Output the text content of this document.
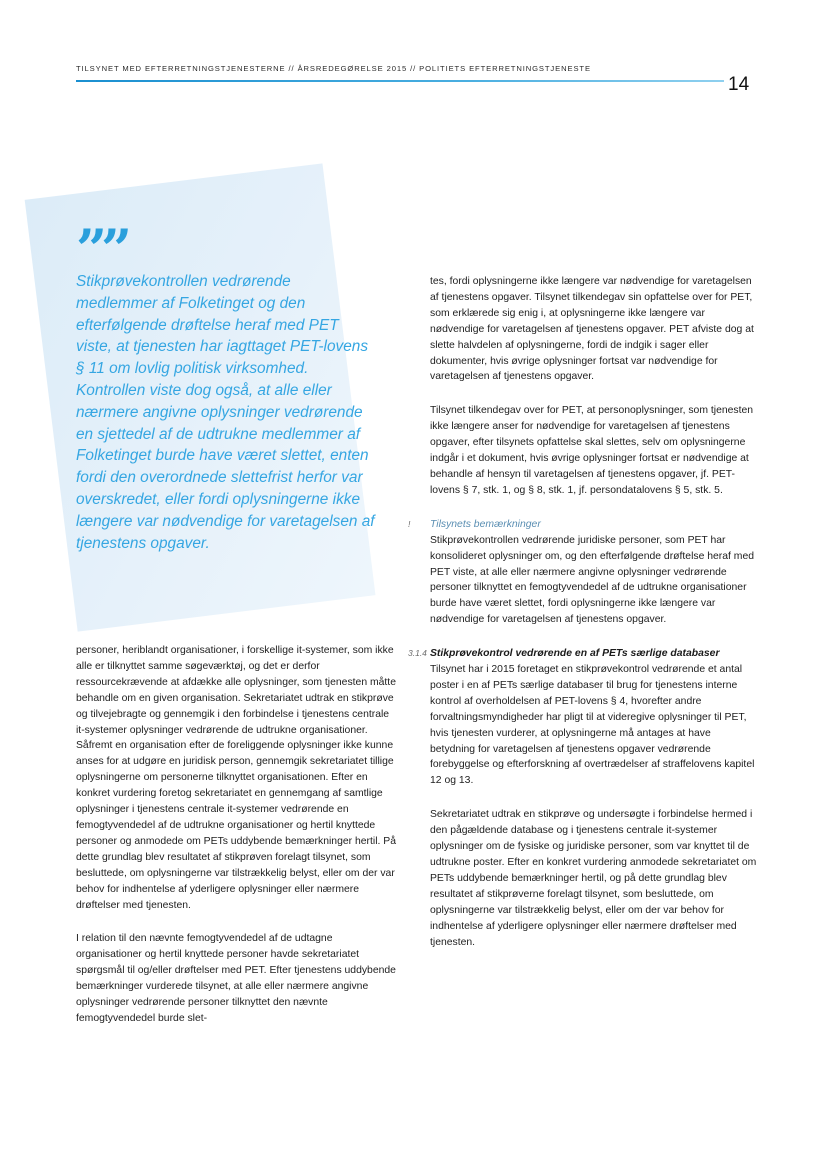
TILSYNET MED EFTERRETNINGSTJENESTERNE // ÅRSREDEGØRELSE 2015 // POLITIETS EFTERRETNINGSTJENESTE
14
””
Stikprøvekontrollen vedrørende medlemmer af Folketinget og den efterfølgende drøftelse heraf med PET viste, at tjenesten har iagttaget PET-lovens § 11 om lovlig politisk virksomhed. Kontrollen viste dog også, at alle eller nærmere angivne oplysninger vedrørende en sjettedel af de udtrukne medlemmer af Folketinget burde have været slettet, enten fordi den overordnede slettefrist herfor var overskredet, eller fordi oplysningerne ikke længere var nødvendige for varetagelsen af tjenestens opgaver.

personer, heriblandt organisationer, i forskellige it-systemer, som ikke alle er tilknyttet samme søgeværktøj, og det er derfor ressourcekrævende at afdække alle oplysninger, som tjenesten måtte behandle om en given organisation. Sekretariatet udtrak en stikprøve og tilvejebragte og gennemgik i den forbindelse i tjenestens centrale it-systemer oplysninger vedrørende de udtrukne organisationer. Såfremt en organisation efter de foreliggende oplysninger ikke kunne anses for at udgøre en juridisk person, gennemgik sekretariatet tillige oplysningerne om personerne tilknyttet organisationen. Efter en konkret vurdering foretog sekretariatet en gennemgang af samtlige oplysninger i tjenestens centrale it-systemer vedrørende en femogtyvendedel af de udtrukne organisationer og hertil knyttede personer og anmodede om PETs uddybende bemærkninger hertil. På dette grundlag blev resultatet af stikprøven forelagt tilsynet, som besluttede, om oplysningerne var tilstrækkelig belyst, eller om der var behov for indhentelse af yderligere oplysninger eller nærmere drøftelser med tjenesten.

I relation til den nævnte femogtyvendedel af de udtagne organisationer og hertil knyttede personer havde sekretariatet spørgsmål til og/eller drøftelser med PET. Efter tjenestens uddybende bemærkninger vurderede tilsynet, at alle eller nærmere angivne oplysninger vedrørende personer tilknyttet den nævnte femogtyvendedel burde slet-

tes, fordi oplysningerne ikke længere var nødvendige for varetagelsen af tjenestens opgaver. Tilsynet tilkendegav sin opfattelse over for PET, som erklærede sig enig i, at oplysningerne ikke længere var nødvendige for varetagelsen af tjenestens opgaver. PET afviste dog at slette halvdelen af oplysningerne, fordi de indgik i sager eller dokumenter, hvis øvrige oplysninger fortsat var nødvendige for varetagelsen af tjenestens opgaver.

Tilsynet tilkendegav over for PET, at personoplysninger, som tjenesten ikke længere anser for nødvendige for varetagelsen af tjenestens opgaver, efter tilsynets opfattelse skal slettes, selv om oplysningerne indgår i et dokument, hvis øvrige oplysninger fortsat er nødvendige at behandle af hensyn til varetagelsen af tjenestens opgaver, jf. PET-lovens § 7, stk. 1, og § 8, stk. 1, jf. persondatalovens § 5, stk. 5.

! Tilsynets bemærkninger

Stikprøvekontrollen vedrørende juridiske personer, som PET har konsolideret oplysninger om, og den efterfølgende drøftelse heraf med PET viste, at alle eller nærmere angivne oplysninger vedrørende personer tilknyttet en femogtyvendedel af de udtrukne organisationer burde have været slettet, fordi oplysningerne ikke længere var nødvendige for varetagelsen af tjenestens opgaver.

3.1.4 Stikprøvekontrol vedrørende en af PETs særlige databaser

Tilsynet har i 2015 foretaget en stikprøvekontrol vedrørende et antal poster i en af PETs særlige databaser til brug for tjenestens interne kontrol af overholdelsen af PET-lovens § 4, hvorefter andre forvaltningsmyndigheder har pligt til at videregive oplysninger til PET, hvis tjenesten vurderer, at oplysningerne må antages at have betydning for varetagelsen af tjenestens opgaver vedrørende forebyggelse og efterforskning af overtrædelser af straffelovens kapitel 12 og 13.

Sekretariatet udtrak en stikprøve og undersøgte i forbindelse hermed i den pågældende database og i tjenestens centrale it-systemer oplysninger om de fysiske og juridiske personer, som var knyttet til de udtrukne poster. Efter en konkret vurdering anmodede sekretariatet om PETs uddybende bemærkninger hertil, og på dette grundlag blev resultatet af stikprøverne forelagt tilsynet, som besluttede, om oplysningerne var tilstrækkelig belyst, eller om der var behov for indhentelse af yderligere oplysninger eller nærmere drøftelser med tjenesten.
